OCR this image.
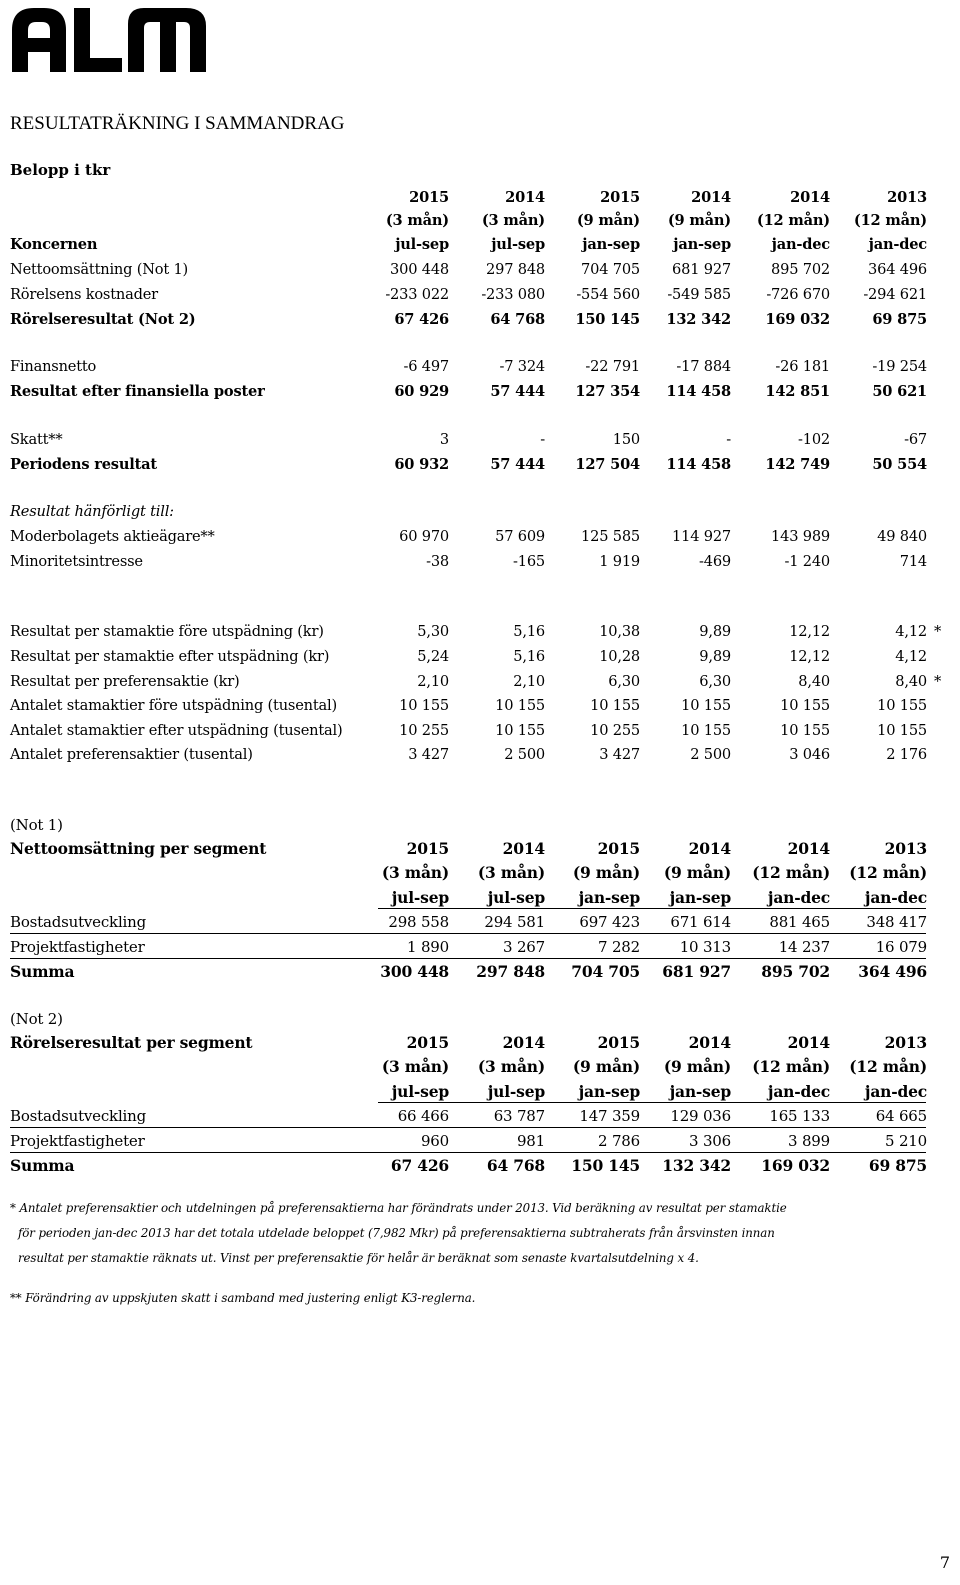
RESULTATRÄKNING I SAMMANDRAG
Belopp i tkr
2015	2014	2015	2014	2014	2013
(3 mån)	(3 mån)	(9 mån)	(9 mån)	(12 mån)	(12 mån)
Koncernen	jul-sep	jul-sep	jan-sep	jan-sep	jan-dec	jan-dec
Nettoomsättning (Not 1)	300 448	297 848	704 705	681 927	895 702	364 496
Rörelsens kostnader	-233 022	-233 080	-554 560	-549 585	-726 670	-294 621
Rörelseresultat (Not 2)	67 426	64 768	150 145	132 342	169 032	69 875
Finansnetto	-6 497	-7 324	-22 791	-17 884	-26 181	-19 254
Resultat efter finansiella poster	60 929	57 444	127 354	114 458	142 851	50 621
Skatt**	3	-	150	-	-102	-67
Periodens resultat	60 932	57 444	127 504	114 458	142 749	50 554
Resultat hänförligt till:
Moderbolagets aktieägare**	60 970	57 609	125 585	114 927	143 989	49 840
Minoritetsintresse	-38	-165	1 919	-469	-1 240	714
Resultat per stamaktie före utspädning (kr)	5,30	5,16	10,38	9,89	12,12	4,12 *
Resultat per stamaktie efter utspädning (kr)	5,24	5,16	10,28	9,89	12,12	4,12
Resultat per preferensaktie (kr)	2,10	2,10	6,30	6,30	8,40	8,40 *
Antalet stamaktier före utspädning (tusental)	10 155	10 155	10 155	10 155	10 155	10 155
Antalet stamaktier efter utspädning (tusental)	10 255	10 155	10 255	10 155	10 155	10 155
Antalet preferensaktier (tusental)	3 427	2 500	3 427	2 500	3 046	2 176
(Not 1)
Nettoomsättning per segment	2015	2014	2015	2014	2014	2013
(3 mån)	(3 mån)	(9 mån)	(9 mån)	(12 mån)	(12 mån)
jul-sep	jul-sep	jan-sep	jan-sep	jan-dec	jan-dec
Bostadsutveckling	298 558	294 581	697 423	671 614	881 465	348 417
Projektfastigheter	1 890	3 267	7 282	10 313	14 237	16 079
Summa	300 448	297 848	704 705	681 927	895 702	364 496
(Not 2)
Rörelseresultat per segment	2015	2014	2015	2014	2014	2013
(3 mån)	(3 mån)	(9 mån)	(9 mån)	(12 mån)	(12 mån)
jul-sep	jul-sep	jan-sep	jan-sep	jan-dec	jan-dec
Bostadsutveckling	66 466	63 787	147 359	129 036	165 133	64 665
Projektfastigheter	960	981	2 786	3 306	3 899	5 210
Summa	67 426	64 768	150 145	132 342	169 032	69 875
* Antalet preferensaktier och utdelningen på preferensaktierna har förändrats under 2013. Vid beräkning av resultat per stamaktie
för perioden jan-dec 2013 har det totala utdelade beloppet (7,982 Mkr) på preferensaktierna subtraherats från årsvinsten innan
resultat per stamaktie räknats ut. Vinst per preferensaktie för helår är beräknat som senaste kvartalsutdelning x 4.
** Förändring av uppskjuten skatt i samband med justering enligt K3-reglerna.
7
